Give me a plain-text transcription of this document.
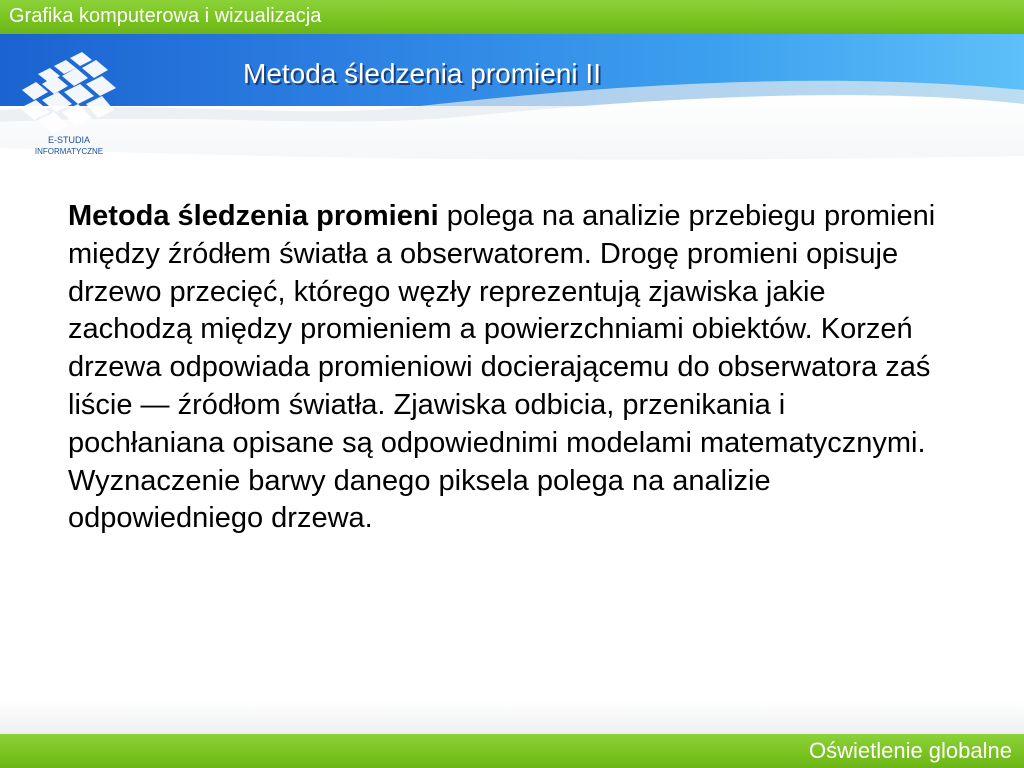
Grafika komputerowa i wizualizacja
E-STUDIA
INFORMATYCZNE
Metoda śledzenia promieni II
Metoda śledzenia promieni polega na analizie przebiegu promieni między źródłem światła a obserwatorem. Drogę promieni opisuje drzewo przecięć, którego węzły reprezentują zjawiska jakie zachodzą między promieniem a powierzchniami obiektów. Korzeń drzewa odpowiada promieniowi docierającemu do obserwatora zaś liście — źródłom światła. Zjawiska odbicia, przenikania i pochłaniana opisane są odpowiednimi modelami matematycznymi. Wyznaczenie barwy danego piksela polega na analizie odpowiedniego drzewa.
Oświetlenie globalne
